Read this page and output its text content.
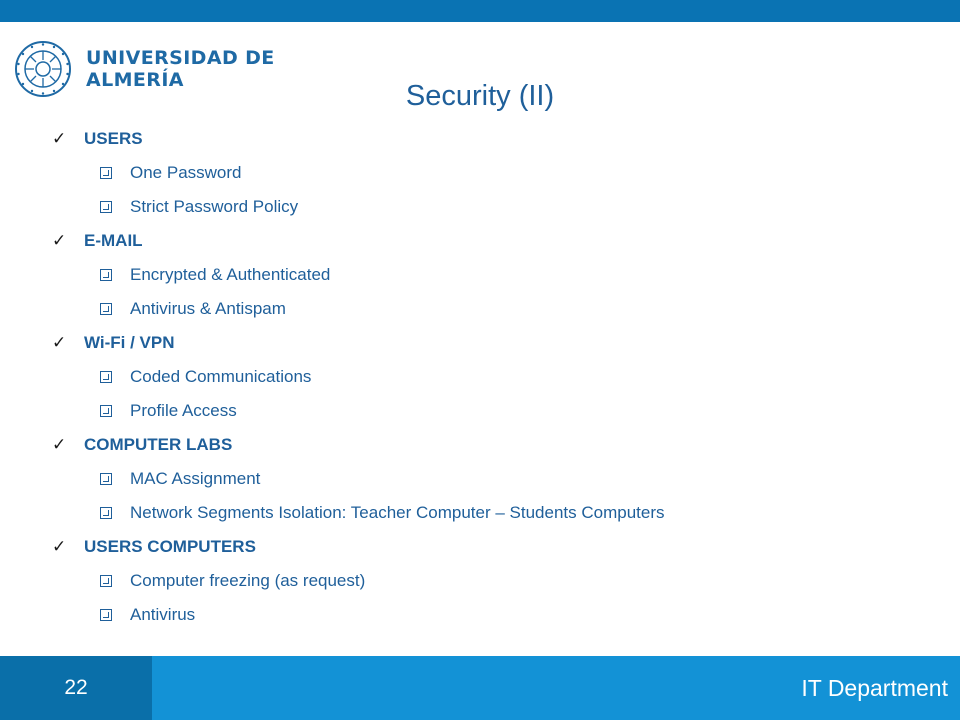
UNIVERSIDAD DE ALMERÍA	Security (II)
✓	USERS
One Password
Strict Password Policy
✓	E-MAIL
Encrypted & Authenticated
Antivirus & Antispam
✓	Wi-Fi / VPN
Coded Communications
Profile Access
✓	COMPUTER LABS
MAC Assignment
Network Segments Isolation: Teacher Computer – Students Computers
✓	USERS COMPUTERS
Computer freezing (as request)
Antivirus
22	IT Department
